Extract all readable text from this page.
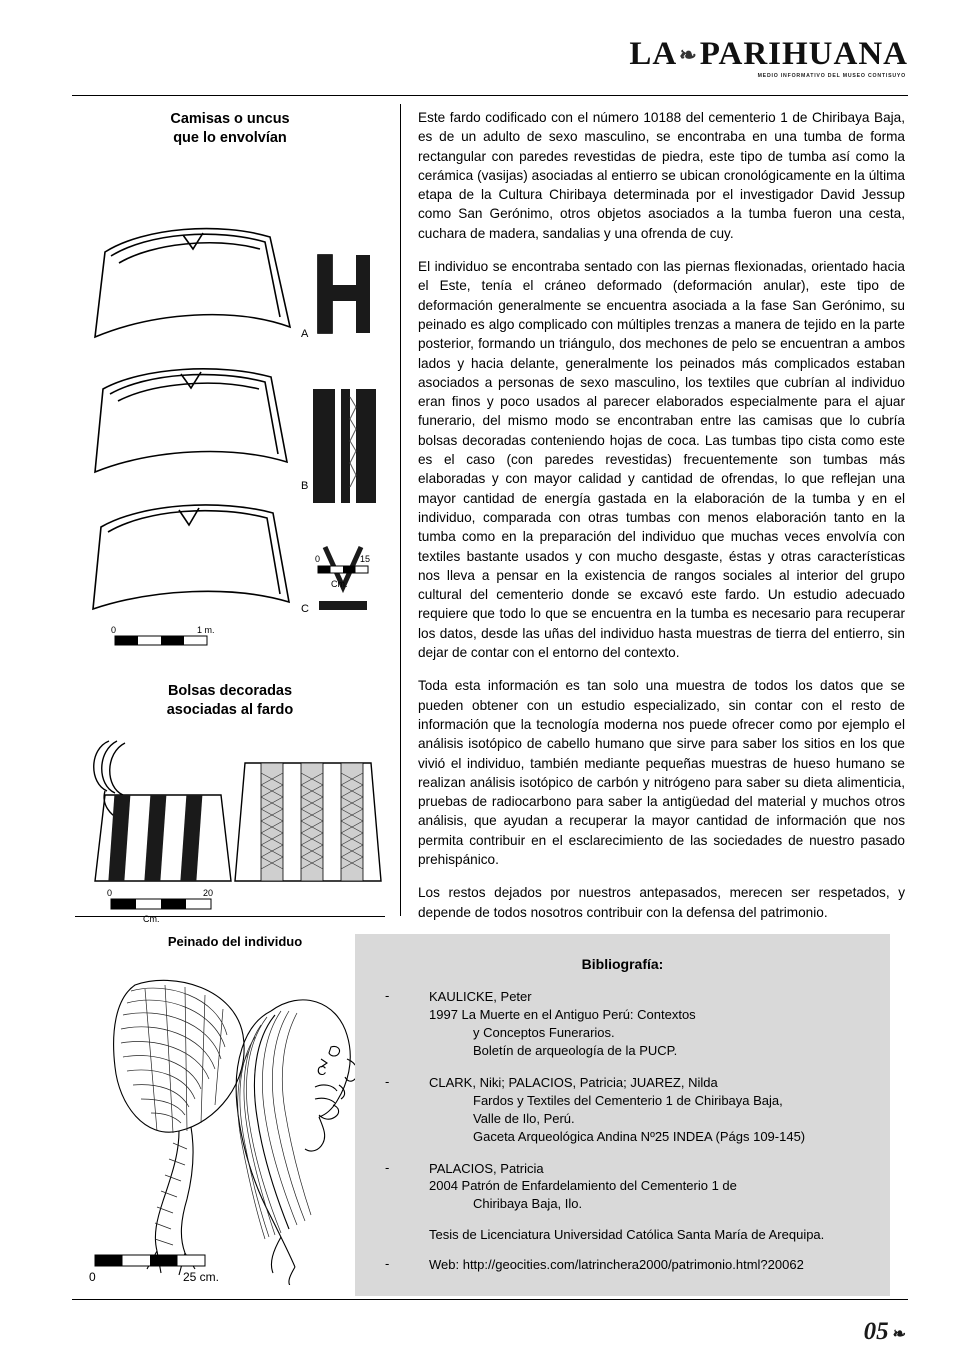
LA❧PARIHUANA
MEDIO INFORMATIVO DEL MUSEO CONTISUYO
Camisas o uncus
que lo envolvían
A
B
C
0	15
Cm.
0	1 m.
Bolsas decoradas
asociadas al fardo
0	20
Cm.

Este fardo codificado con el número 10188 del cementerio 1 de Chiribaya Baja, es de un adulto de sexo masculino, se encontraba en una tumba de forma rectangular con paredes revestidas de piedra, este tipo de tumba así como la cerámica (vasijas) asociadas al entierro se ubican cronológicamente en la última etapa de la Cultura Chiribaya determinada por el investigador David Jessup como San Gerónimo, otros objetos asociados a la tumba fueron una cesta, cuchara de madera, sandalias y una ofrenda de cuy.

El individuo se encontraba sentado con las piernas flexionadas, orientado hacia el Este, tenía el cráneo deformado (deformación anular), este tipo de deformación generalmente se encuentra asociada a la fase San Gerónimo, su peinado es algo complicado con múltiples trenzas a manera de tejido en la parte posterior, formando un triángulo, dos mechones de pelo se encuentran a ambos lados y hacia delante, generalmente los peinados más complicados estaban asociados a personas de sexo masculino, los textiles que cubrían al individuo eran finos y poco usados al parecer elaborados especialmente para el ajuar funerario, del mismo modo se encontraban entre las camisas que lo cubría bolsas decoradas conteniendo hojas de coca. Las tumbas tipo cista como este es el caso (con paredes revestidas) frecuentemente son tumbas más elaboradas y con mayor calidad y cantidad de ofrendas, lo que reflejan una mayor cantidad de energía gastada en la elaboración de la tumba y en el individuo, comparada con otras tumbas con menos elaboración tanto en la tumba como en la preparación del individuo que muchas veces envolvía con textiles bastante usados y con mucho desgaste, éstas y otras características nos lleva a pensar en la existencia de rangos sociales al interior del grupo cultural del cementerio donde se excavó este fardo. Un estudio adecuado requiere que todo lo que se encuentra en la tumba es necesario para recuperar los datos, desde las uñas del individuo hasta muestras de tierra del entierro, sin dejar de contar con el entorno del contexto.

Toda esta información es tan solo una muestra de todos los datos que se pueden obtener con un estudio especializado, sin contar con el resto de información que la tecnología moderna nos puede ofrecer como por ejemplo el análisis isotópico de cabello humano que sirve para saber los sitios en los que vivió el individuo, también mediante pequeñas muestras de hueso humano se realizan análisis isotópico de carbón y nitrógeno para saber su dieta alimenticia, pruebas de radiocarbono para saber la antigüedad del material y muchos otros análisis, que ayudan a recuperar la mayor cantidad de información que nos permita contribuir en el esclarecimiento de las sociedades de nuestro pasado prehispánico.

Los restos dejados por nuestros antepasados, merecen ser respetados, y depende de todos nosotros contribuir con la defensa del patrimonio.

Peinado del individuo
C
0	25 cm.
Bibliografía:
-	KAULICKE, Peter
1997 La Muerte en el Antiguo Perú: Contextos
y Conceptos Funerarios.
Boletín de arqueología de la PUCP.
-	CLARK, Niki; PALACIOS, Patricia; JUAREZ, Nilda
Fardos y Textiles del Cementerio 1 de Chiribaya Baja,
Valle de Ilo, Perú.
Gaceta Arqueológica Andina Nº25 INDEA (Págs 109-145)
-	PALACIOS, Patricia
2004 Patrón de Enfardelamiento del Cementerio 1 de
Chiribaya Baja, Ilo.
Tesis de Licenciatura Universidad Católica Santa María de Arequipa.
-	Web: http://geocities.com/latrinchera2000/patrimonio.html?20062
05 ❧
